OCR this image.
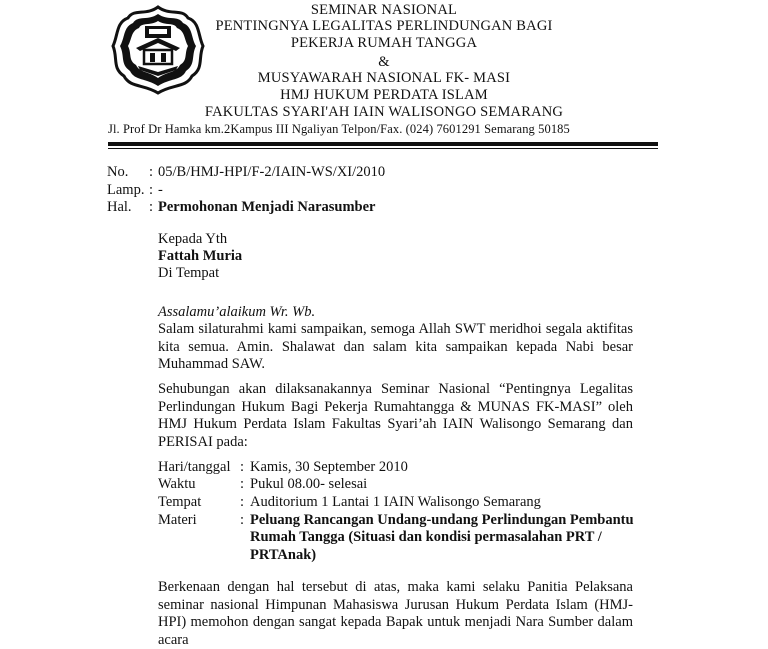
SEMINAR NASIONAL
PENTINGNYA LEGALITAS PERLINDUNGAN BAGI
PEKERJA RUMAH TANGGA
&
MUSYAWARAH NASIONAL FK- MASI
HMJ HUKUM PERDATA ISLAM
FAKULTAS SYARI'AH IAIN WALISONGO SEMARANG
Jl. Prof Dr Hamka km.2Kampus III Ngaliyan Telpon/Fax. (024) 7601291 Semarang 50185
No. : 05/B/HMJ-HPI/F-2/IAIN-WS/XI/2010
Lamp. : -
Hal. : Permohonan Menjadi Narasumber
Kepada Yth
Fattah Muria
Di Tempat
Assalamu’alaikum Wr. Wb.
Salam silaturahmi kami sampaikan, semoga Allah SWT meridhoi segala aktifitas kita semua. Amin. Shalawat dan salam kita sampaikan kepada Nabi besar Muhammad SAW.
Sehubungan akan dilaksanakannya Seminar Nasional “Pentingnya Legalitas Perlindungan Hukum Bagi Pekerja Rumahtangga & MUNAS FK-MASI” oleh HMJ Hukum Perdata Islam Fakultas Syari’ah IAIN Walisongo Semarang dan PERISAI pada:
Hari/tanggal : Kamis, 30 September 2010
Waktu	: Pukul 08.00- selesai
Tempat	: Auditorium 1 Lantai 1 IAIN Walisongo Semarang
Materi	: Peluang Rancangan Undang-undang Perlindungan Pembantu
Rumah Tangga (Situasi dan kondisi permasalahan PRT /
PRTAnak)
Berkenaan dengan hal tersebut di atas, maka kami selaku Panitia Pelaksana seminar nasional Himpunan Mahasiswa Jurusan Hukum Perdata Islam (HMJ-HPI) memohon dengan sangat kepada Bapak untuk menjadi Nara Sumber dalam acara
